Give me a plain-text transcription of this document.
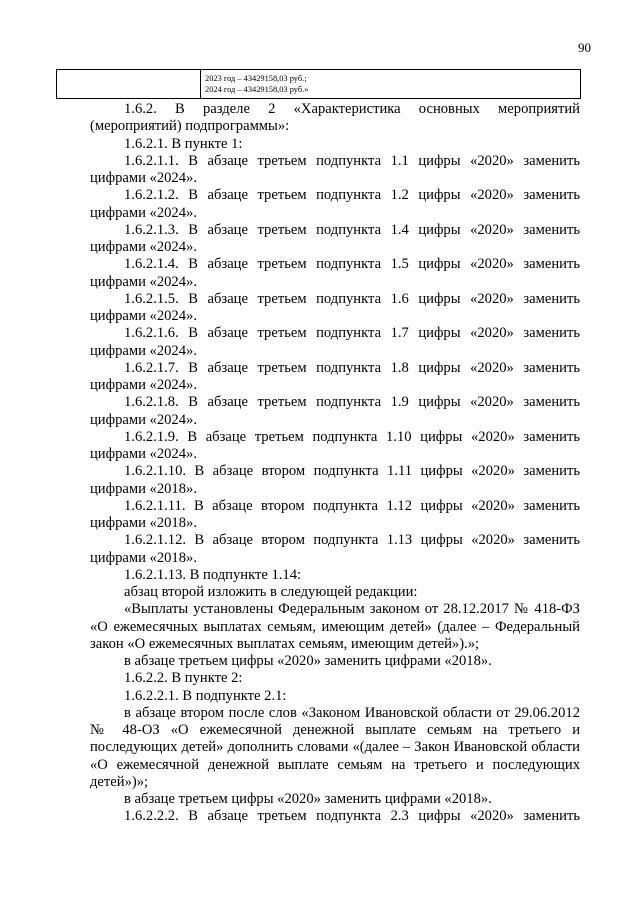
90
2023 год – 43429158,03 руб.;
2024 год – 43429158,03 руб.»
1.6.2. В разделе 2 «Характеристика основных мероприятий (мероприятий) подпрограммы»:
1.6.2.1. В пункте 1:
1.6.2.1.1. В абзаце третьем подпункта 1.1 цифры «2020» заменить цифрами «2024».
1.6.2.1.2. В абзаце третьем подпункта 1.2 цифры «2020» заменить цифрами «2024».
1.6.2.1.3. В абзаце третьем подпункта 1.4 цифры «2020» заменить цифрами «2024».
1.6.2.1.4. В абзаце третьем подпункта 1.5 цифры «2020» заменить цифрами «2024».
1.6.2.1.5. В абзаце третьем подпункта 1.6 цифры «2020» заменить цифрами «2024».
1.6.2.1.6. В абзаце третьем подпункта 1.7 цифры «2020» заменить цифрами «2024».
1.6.2.1.7. В абзаце третьем подпункта 1.8 цифры «2020» заменить цифрами «2024».
1.6.2.1.8. В абзаце третьем подпункта 1.9 цифры «2020» заменить цифрами «2024».
1.6.2.1.9. В абзаце третьем подпункта 1.10 цифры «2020» заменить цифрами «2024».
1.6.2.1.10. В абзаце втором подпункта 1.11 цифры «2020» заменить цифрами «2018».
1.6.2.1.11. В абзаце втором подпункта 1.12 цифры «2020» заменить цифрами «2018».
1.6.2.1.12. В абзаце втором подпункта 1.13 цифры «2020» заменить цифрами «2018».
1.6.2.1.13. В подпункте 1.14:
абзац второй изложить в следующей редакции:
«Выплаты установлены Федеральным законом от 28.12.2017 № 418-ФЗ «О ежемесячных выплатах семьям, имеющим детей» (далее – Федеральный закон «О ежемесячных выплатах семьям, имеющим детей»).»;
в абзаце третьем цифры «2020» заменить цифрами «2018».
1.6.2.2. В пункте 2:
1.6.2.2.1. В подпункте 2.1:
в абзаце втором после слов «Законом Ивановской области от 29.06.2012 № 48-ОЗ «О ежемесячной денежной выплате семьям на третьего и последующих детей» дополнить словами «(далее – Закон Ивановской области «О ежемесячной денежной выплате семьям на третьего и последующих детей»)»;
в абзаце третьем цифры «2020» заменить цифрами «2018».
1.6.2.2.2. В абзаце третьем подпункта 2.3 цифры «2020» заменить
